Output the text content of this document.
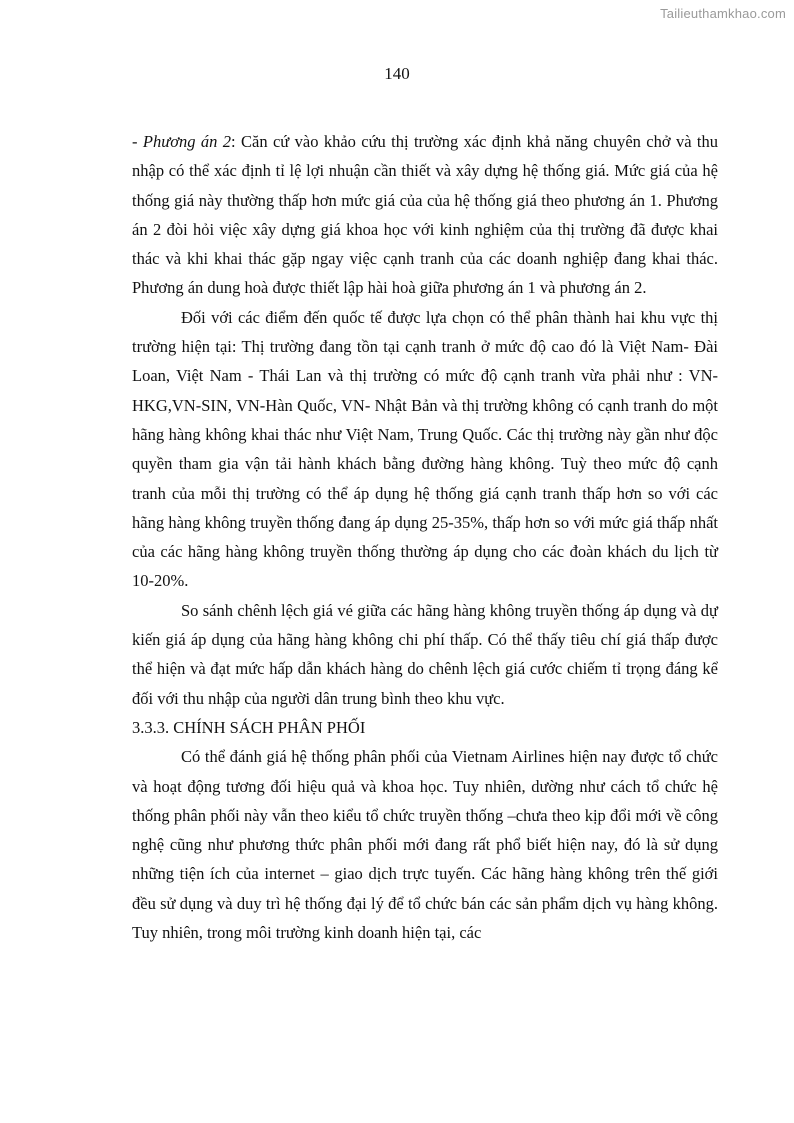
Tailieuthamkhao.com
140

- Phương án 2: Căn cứ vào khảo cứu thị trường xác định khả năng chuyên chở và thu nhập có thể xác định tỉ lệ lợi nhuận cần thiết và xây dựng hệ thống giá. Mức giá của hệ thống giá này thường thấp hơn mức giá của của hệ thống giá theo phương án 1. Phương án 2 đòi hỏi việc xây dựng giá khoa học với kinh nghiệm của thị trường đã được khai thác và khi khai thác gặp ngay việc cạnh tranh của các doanh nghiệp đang khai thác. Phương án dung hoà được thiết lập hài hoà giữa phương án 1 và phương án 2.

Đối với các điểm đến quốc tế được lựa chọn có thể phân thành hai khu vực thị trường hiện tại: Thị trường đang tồn tại cạnh tranh ở mức độ cao đó là Việt Nam- Đài Loan, Việt Nam - Thái Lan và thị trường có mức độ cạnh tranh vừa phải như : VN-HKG,VN-SIN, VN-Hàn Quốc, VN- Nhật Bản và thị trường không có cạnh tranh do một hãng hàng không khai thác như Việt Nam, Trung Quốc. Các thị trường này gần như độc quyền tham gia vận tải hành khách bằng đường hàng không. Tuỳ theo mức độ cạnh tranh của mỗi thị trường có thể áp dụng hệ thống giá cạnh tranh thấp hơn so với các hãng hàng không truyền thống đang áp dụng 25-35%, thấp hơn so với mức giá thấp nhất của các hãng hàng không truyền thống thường áp dụng cho các đoàn khách du lịch từ 10-20%.

So sánh chênh lệch giá vé giữa các hãng hàng không truyền thống áp dụng và dự kiến giá áp dụng của hãng hàng không chi phí thấp. Có thể thấy tiêu chí giá thấp được thể hiện và đạt mức hấp dẫn khách hàng do chênh lệch giá cước chiếm tỉ trọng đáng kể đối với thu nhập của người dân trung bình theo khu vực.

3.3.3. CHÍNH SÁCH PHÂN PHỐI

Có thể đánh giá hệ thống phân phối của Vietnam Airlines hiện nay được tổ chức và hoạt động tương đối hiệu quả và khoa học. Tuy nhiên, dường như cách tổ chức hệ thống phân phối này vẫn theo kiểu tổ chức truyền thống –chưa theo kịp đổi mới về công nghệ cũng như phương thức phân phối mới đang rất phổ biết hiện nay, đó là sử dụng những tiện ích của internet – giao dịch trực tuyến. Các hãng hàng không trên thế giới đều sử dụng và duy trì hệ thống đại lý để tổ chức bán các sản phẩm dịch vụ hàng không. Tuy nhiên, trong môi trường kinh doanh hiện tại, các
